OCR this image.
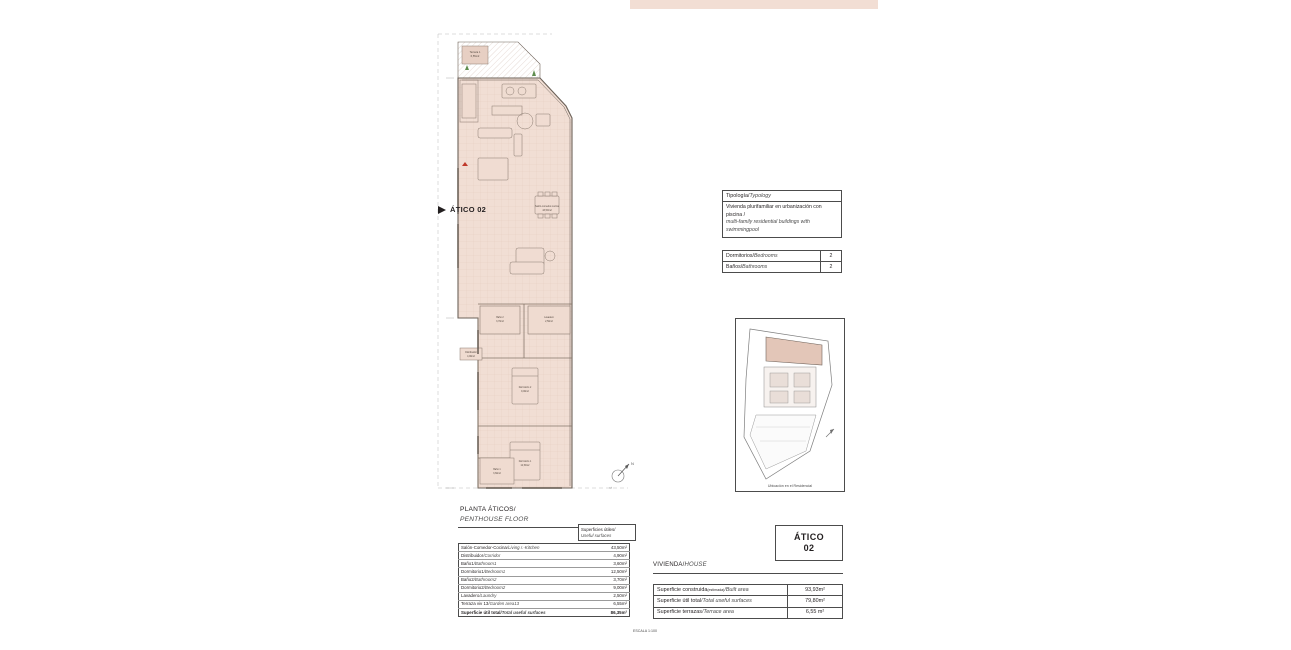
Terraza 1
6,55m2
Salón-comedor-cocina
43,50m2
Baño 2
3,70m2
Lavadero
2,50m2
Distribuidor
4,90m2
Dormitorio 2
9,00m2
Dormitorio 1
12,50m2
Baño 1
3,60m2
ÁTICO 02
N
S
Tipología/Typology
Vivienda plurifamiliar en urbanización con piscina /
multi-family residential buildings with swimmingpool
Dormitorios/Bedrooms	2
Baños/Bathrooms	2
Ubicación en el Residencial
ÁTICO
02
VIVIENDA/HOUSE
Superficie construida(estimada)/Built area	93,93m²
Superficie útil total/Total useful surfaces	79,80m²
Superficie terrazas/Terrace area	6,55 m²
PLANTA ÁTICOS/
PENTHOUSE FLOOR
Superficies útiles/
Useful surfaces
Salón-Comedor-Cocina/Living r.-Kitchen	43,50m²
Distribuidor/Corridor	4,90m²
Baño1/Bathroom1	3,60m²
Dormitorio1/Bedroom1	12,50m²
Baño2/Bathroom2	3,70m²
Dormitorio2/Bedroom2	9,00m²
Lavadero/Laundry	2,50m²
Terraza viv 13/Garden area13	6,55m²
Superficie útil total/Total useful surfaces	86,35m²
ESCALA 1:100
